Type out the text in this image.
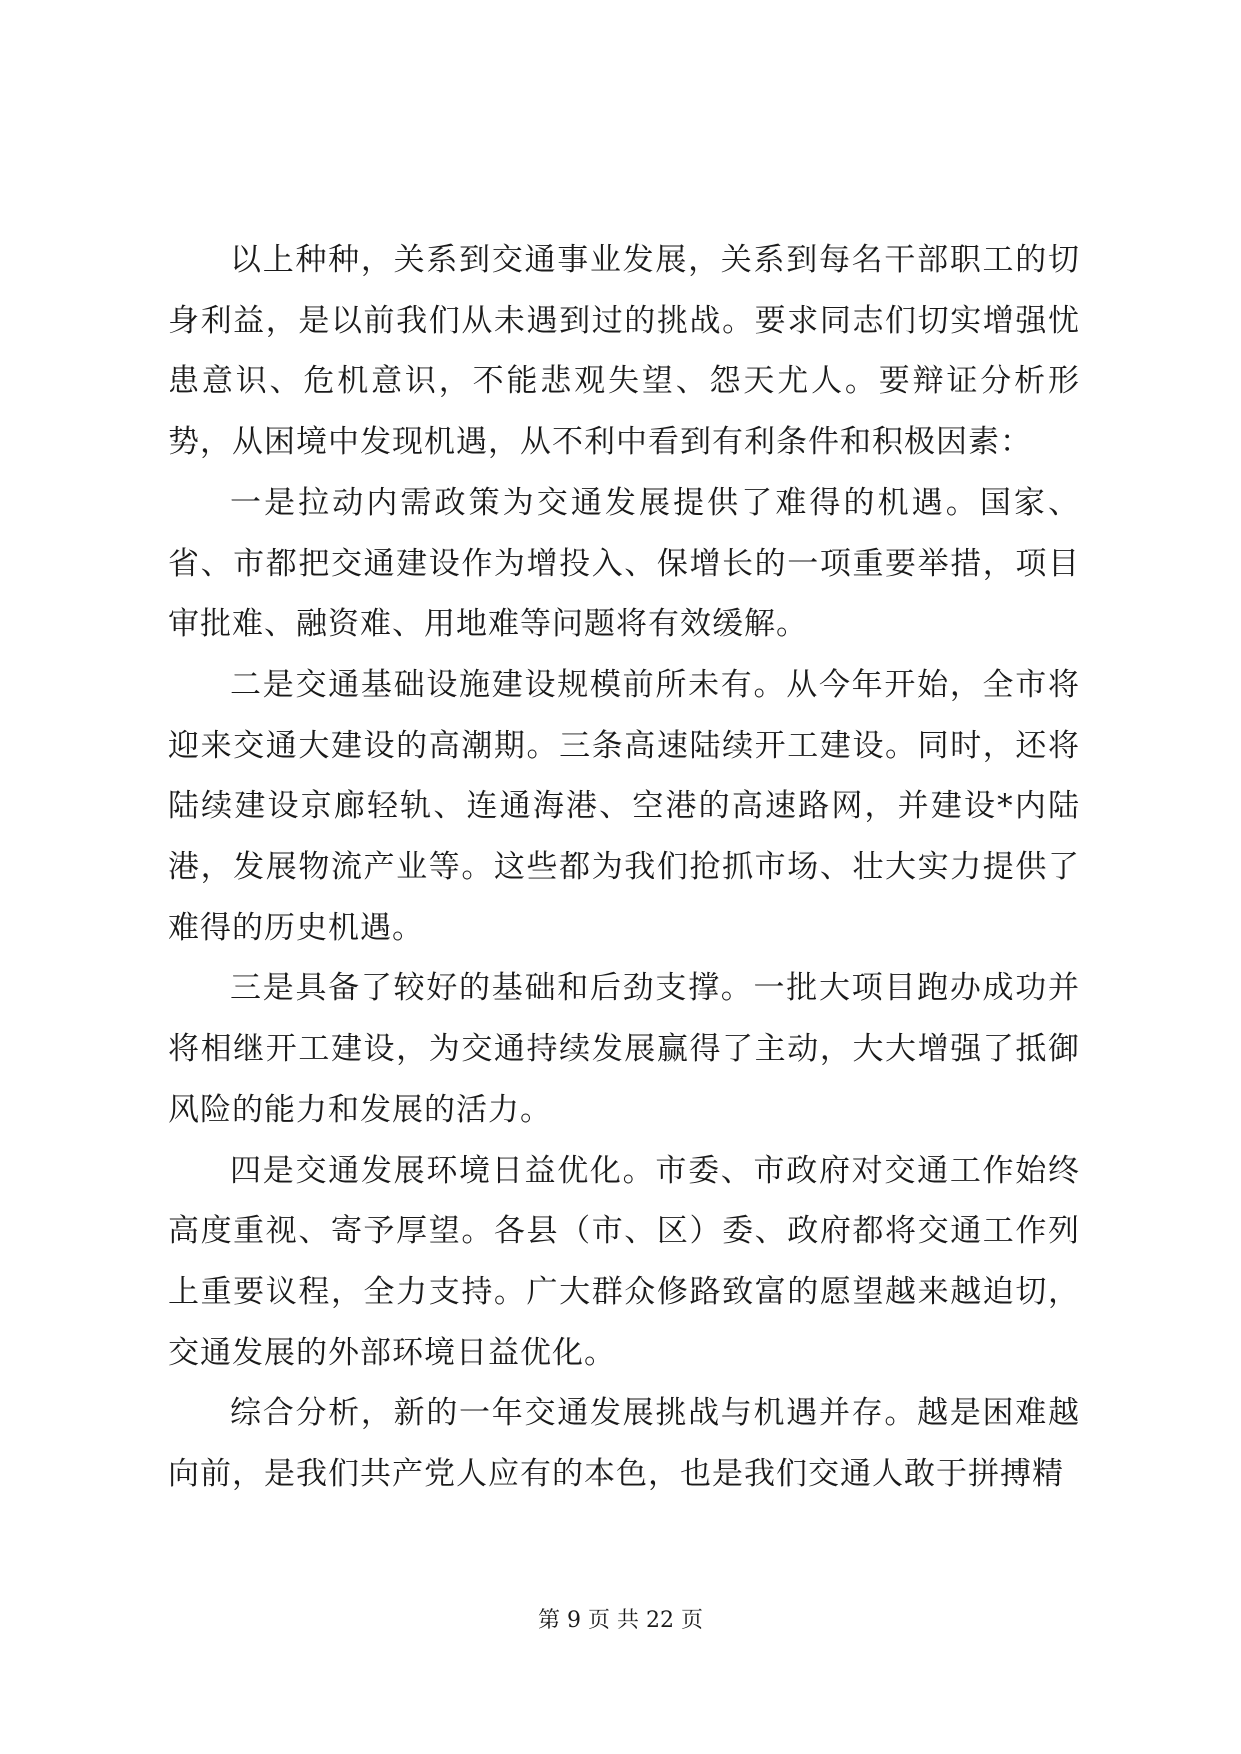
以上种种，关系到交通事业发展，关系到每名干部职工的切身利益，是以前我们从未遇到过的挑战。要求同志们切实增强忧患意识、危机意识，不能悲观失望、怨天尤人。要辩证分析形势，从困境中发现机遇，从不利中看到有利条件和积极因素：

一是拉动内需政策为交通发展提供了难得的机遇。国家、省、市都把交通建设作为增投入、保增长的一项重要举措，项目审批难、融资难、用地难等问题将有效缓解。

二是交通基础设施建设规模前所未有。从今年开始，全市将迎来交通大建设的高潮期。三条高速陆续开工建设。同时，还将陆续建设京廊轻轨、连通海港、空港的高速路网，并建设*内陆港，发展物流产业等。这些都为我们抢抓市场、壮大实力提供了难得的历史机遇。

三是具备了较好的基础和后劲支撑。一批大项目跑办成功并将相继开工建设，为交通持续发展赢得了主动，大大增强了抵御风险的能力和发展的活力。

四是交通发展环境日益优化。市委、市政府对交通工作始终高度重视、寄予厚望。各县（市、区）委、政府都将交通工作列上重要议程，全力支持。广大群众修路致富的愿望越来越迫切，交通发展的外部环境日益优化。

综合分析，新的一年交通发展挑战与机遇并存。越是困难越向前，是我们共产党人应有的本色，也是我们交通人敢于拼搏精

第 9 页 共 22 页
